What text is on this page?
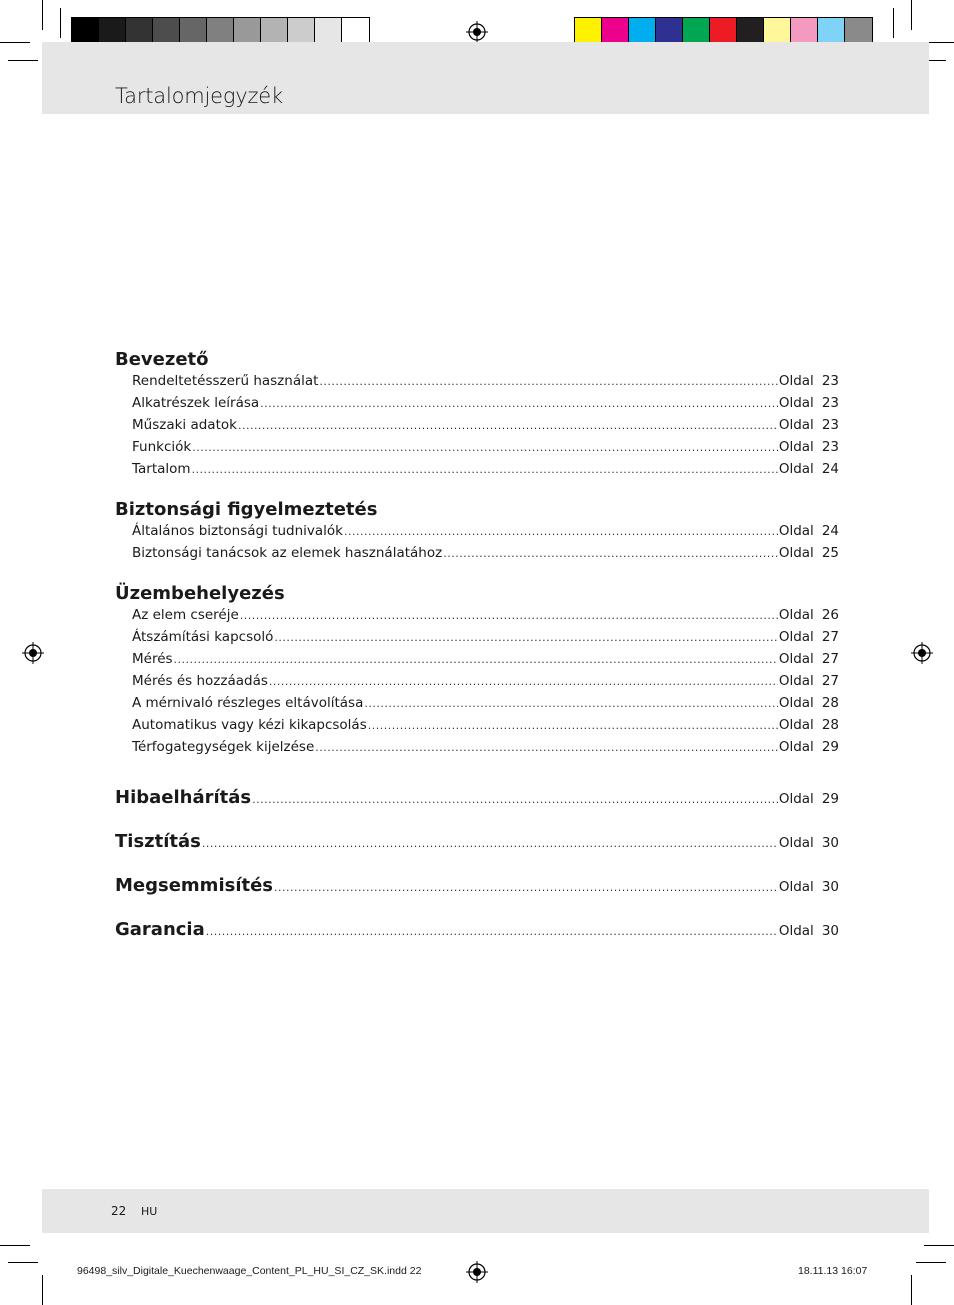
Tartalomjegyzék
Bevezető
Rendeltetésszerű használat .....	Oldal 23
Alkatrészek leírása .....	Oldal 23
Műszaki adatok .....	Oldal 23
Funkciók .....	Oldal 23
Tartalom .....	Oldal 24
Biztonsági figyelmeztetés
Általános biztonsági tudnivalók .....	Oldal 24
Biztonsági tanácsok az elemek használatához .....	Oldal 25
Üzembehelyezés
Az elem cseréje .....	Oldal 26
Átszámítási kapcsoló .....	Oldal 27
Mérés .....	Oldal 27
Mérés és hozzáadás .....	Oldal 27
A mérnivaló részleges eltávolítása .....	Oldal 28
Automatikus vagy kézi kikapcsolás .....	Oldal 28
Térfogategységek kijelzése .....	Oldal 29
Hibaelhárítás .....	Oldal 29
Tisztítás .....	Oldal 30
Megsemmisítés .....	Oldal 30
Garancia .....	Oldal 30
22 HU
96498_silv_Digitale_Kuechenwaage_Content_PL_HU_SI_CZ_SK.indd 22	18.11.13 16:07
